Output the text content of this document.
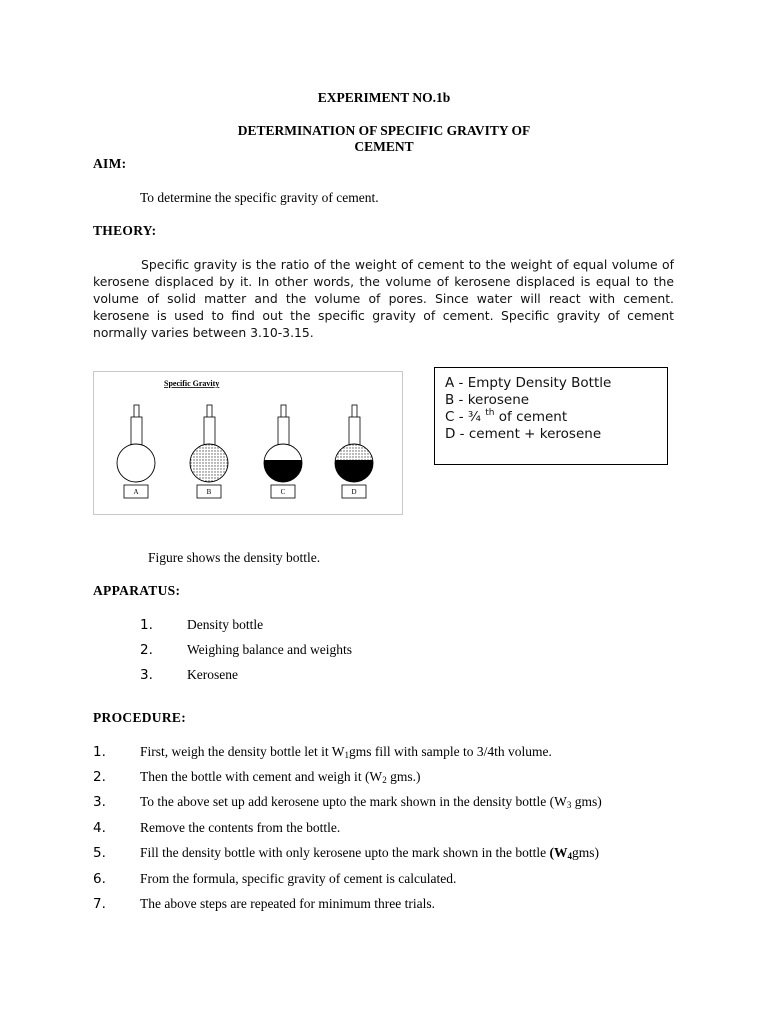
EXPERIMENT NO.1b
DETERMINATION OF SPECIFIC GRAVITY OF
CEMENT
AIM:
To determine the specific gravity of cement.
THEORY:
Specific gravity is the ratio of the weight of cement to the weight of equal volume of kerosene displaced by it. In other words, the volume of kerosene displaced is equal to the volume of solid matter and the volume of pores. Since water will react with cement. kerosene is used to find out the specific gravity of cement. Specific gravity of cement normally varies between 3.10-3.15.
Specific Gravity
A	B	C	D
A - Empty Density Bottle
B - kerosene
C - ¾ $^{th}$ of cement
D - cement + kerosene
Figure shows the density bottle.
APPARATUS:
1.	Density bottle
2.	Weighing balance and weights
3.	Kerosene
PROCEDURE:
1.	First, weigh the density bottle let it $W_1gms$ fill with sample to 3/4th volume.
2.	Then the bottle with cement and weigh it ($W_2$ gms.)
3.	To the above set up add kerosene upto the mark shown in the density bottle ($W_3$ gms)
4.	Remove the contents from the bottle.
5.	Fill the density bottle with only kerosene upto the mark shown in the bottle $(W_4gms)$
6.	From the formula, specific gravity of cement is calculated.
7.	The above steps are repeated for minimum three trials.
